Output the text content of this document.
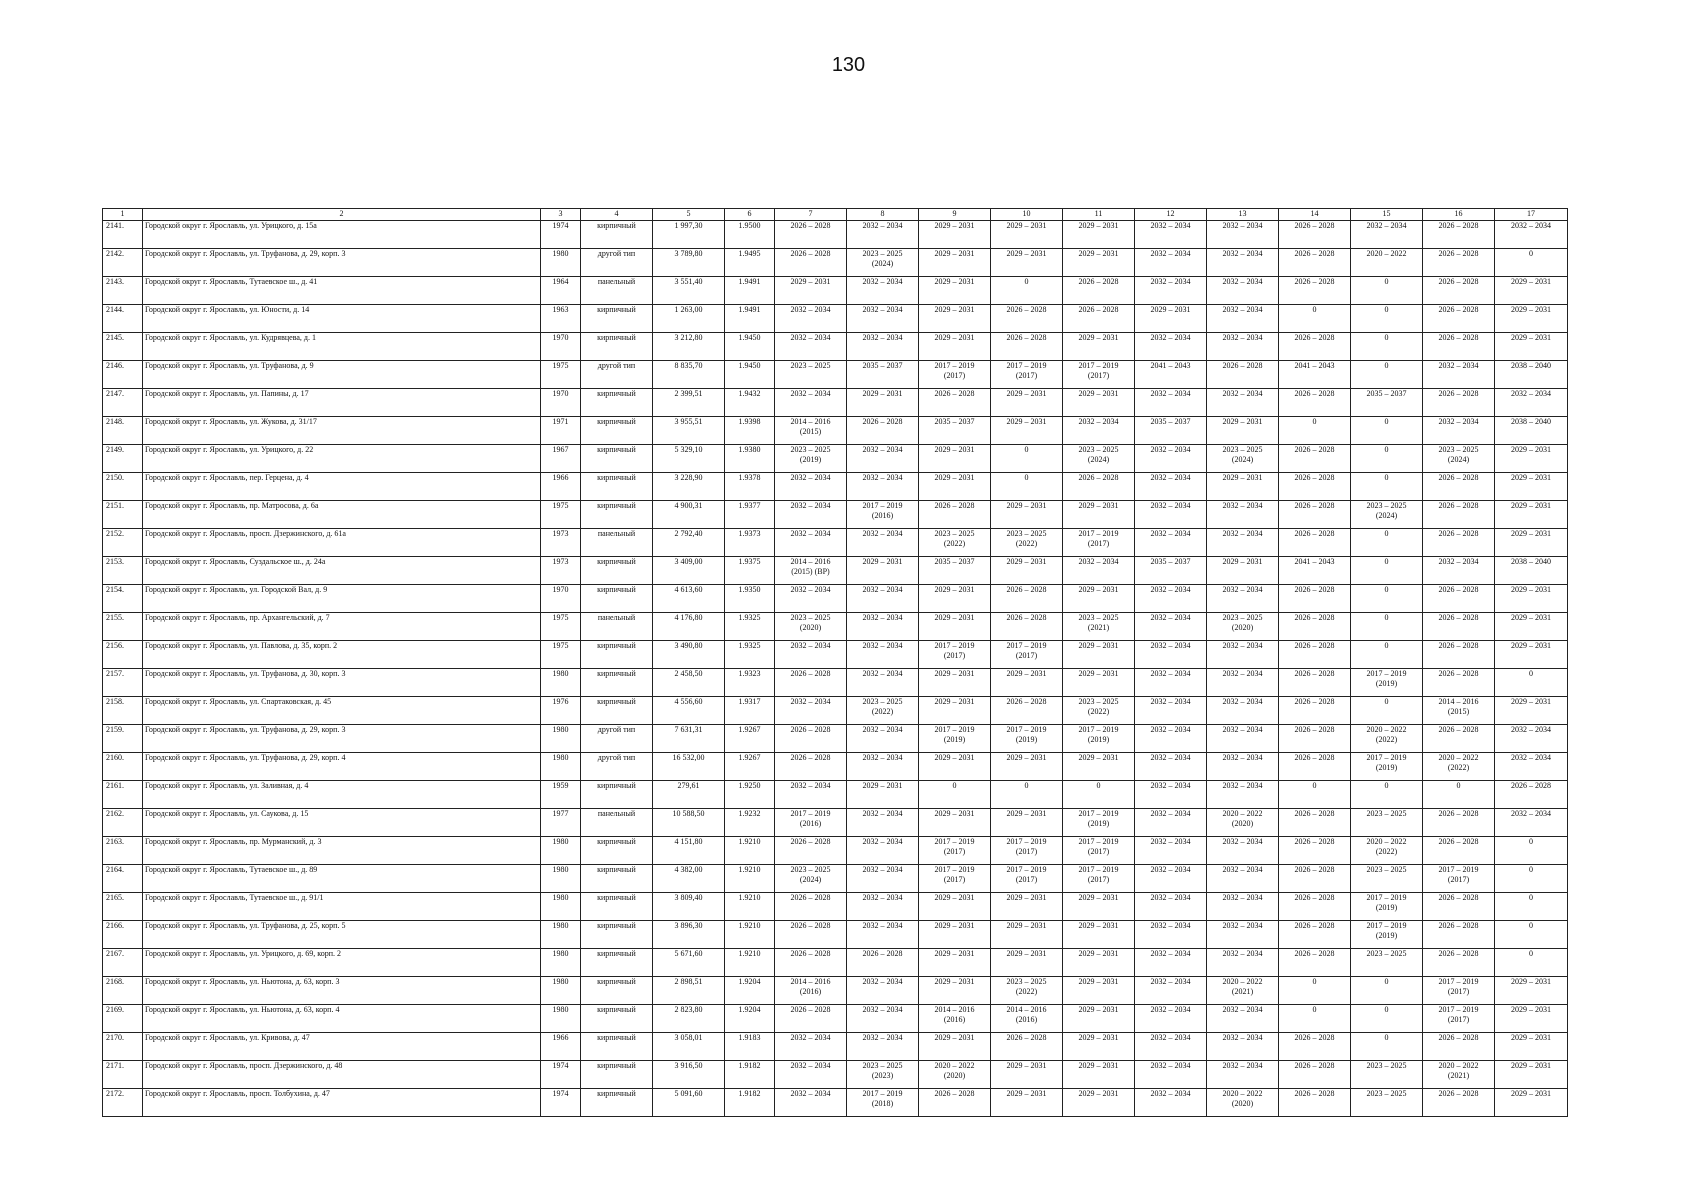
130
1	2	3	4	5	6	7	8	9	10	11	12	13	14	15	16	17
2141.	Городской округ г. Ярославль, ул. Урицкого, д. 15а	1974	кирпичный	1 997,30	1.9500	2026 – 2028	2032 – 2034	2029 – 2031	2029 – 2031	2029 – 2031	2032 – 2034	2032 – 2034	2026 – 2028	2032 – 2034	2026 – 2028	2032 – 2034
2142.	Городской округ г. Ярославль, ул. Труфанова, д. 29, корп. 3	1980	другой тип	3 789,80	1.9495	2026 – 2028	2023 – 2025
(2024)	2029 – 2031	2029 – 2031	2029 – 2031	2032 – 2034	2032 – 2034	2026 – 2028	2020 – 2022	2026 – 2028	0
2143.	Городской округ г. Ярославль, Тутаевское ш., д. 41	1964	панельный	3 551,40	1.9491	2029 – 2031	2032 – 2034	2029 – 2031	0	2026 – 2028	2032 – 2034	2032 – 2034	2026 – 2028	0	2026 – 2028	2029 – 2031
2144.	Городской округ г. Ярославль, ул. Юности, д. 14	1963	кирпичный	1 263,00	1.9491	2032 – 2034	2032 – 2034	2029 – 2031	2026 – 2028	2026 – 2028	2029 – 2031	2032 – 2034	0	0	2026 – 2028	2029 – 2031
2145.	Городской округ г. Ярославль, ул. Кудрявцева, д. 1	1970	кирпичный	3 212,80	1.9450	2032 – 2034	2032 – 2034	2029 – 2031	2026 – 2028	2029 – 2031	2032 – 2034	2032 – 2034	2026 – 2028	0	2026 – 2028	2029 – 2031
2146.	Городской округ г. Ярославль, ул. Труфанова, д. 9	1975	другой тип	8 835,70	1.9450	2023 – 2025	2035 – 2037	2017 – 2019
(2017)	2017 – 2019
(2017)	2017 – 2019
(2017)	2041 – 2043	2026 – 2028	2041 – 2043	0	2032 – 2034	2038 – 2040
2147.	Городской округ г. Ярославль, ул. Папины, д. 17	1970	кирпичный	2 399,51	1.9432	2032 – 2034	2029 – 2031	2026 – 2028	2029 – 2031	2029 – 2031	2032 – 2034	2032 – 2034	2026 – 2028	2035 – 2037	2026 – 2028	2032 – 2034
2148.	Городской округ г. Ярославль, ул. Жукова, д. 31/17	1971	кирпичный	3 955,51	1.9398	2014 – 2016
(2015)	2026 – 2028	2035 – 2037	2029 – 2031	2032 – 2034	2035 – 2037	2029 – 2031	0	0	2032 – 2034	2038 – 2040
2149.	Городской округ г. Ярославль, ул. Урицкого, д. 22	1967	кирпичный	5 329,10	1.9380	2023 – 2025
(2019)	2032 – 2034	2029 – 2031	0	2023 – 2025
(2024)	2032 – 2034	2023 – 2025
(2024)	2026 – 2028	0	2023 – 2025
(2024)	2029 – 2031
2150.	Городской округ г. Ярославль, пер. Герцена, д. 4	1966	кирпичный	3 228,90	1.9378	2032 – 2034	2032 – 2034	2029 – 2031	0	2026 – 2028	2032 – 2034	2029 – 2031	2026 – 2028	0	2026 – 2028	2029 – 2031
2151.	Городской округ г. Ярославль, пр. Матросова, д. 6а	1975	кирпичный	4 900,31	1.9377	2032 – 2034	2017 – 2019
(2016)	2026 – 2028	2029 – 2031	2029 – 2031	2032 – 2034	2032 – 2034	2026 – 2028	2023 – 2025
(2024)	2026 – 2028	2029 – 2031
2152.	Городской округ г. Ярославль, просп. Дзержинского, д. 61а	1973	панельный	2 792,40	1.9373	2032 – 2034	2032 – 2034	2023 – 2025
(2022)	2023 – 2025
(2022)	2017 – 2019
(2017)	2032 – 2034	2032 – 2034	2026 – 2028	0	2026 – 2028	2029 – 2031
2153.	Городской округ г. Ярославль, Суздальское ш., д. 24а	1973	кирпичный	3 409,00	1.9375	2014 – 2016
(2015) (ВР)	2029 – 2031	2035 – 2037	2029 – 2031	2032 – 2034	2035 – 2037	2029 – 2031	2041 – 2043	0	2032 – 2034	2038 – 2040
2154.	Городской округ г. Ярославль, ул. Городской Вал, д. 9	1970	кирпичный	4 613,60	1.9350	2032 – 2034	2032 – 2034	2029 – 2031	2026 – 2028	2029 – 2031	2032 – 2034	2032 – 2034	2026 – 2028	0	2026 – 2028	2029 – 2031
2155.	Городской округ г. Ярославль, пр. Архангельский, д. 7	1975	панельный	4 176,80	1.9325	2023 – 2025
(2020)	2032 – 2034	2029 – 2031	2026 – 2028	2023 – 2025
(2021)	2032 – 2034	2023 – 2025
(2020)	2026 – 2028	0	2026 – 2028	2029 – 2031
2156.	Городской округ г. Ярославль, ул. Павлова, д. 35, корп. 2	1975	кирпичный	3 490,80	1.9325	2032 – 2034	2032 – 2034	2017 – 2019
(2017)	2017 – 2019
(2017)	2029 – 2031	2032 – 2034	2032 – 2034	2026 – 2028	0	2026 – 2028	2029 – 2031
2157.	Городской округ г. Ярославль, ул. Труфанова, д. 30, корп. 3	1980	кирпичный	2 458,50	1.9323	2026 – 2028	2032 – 2034	2029 – 2031	2029 – 2031	2029 – 2031	2032 – 2034	2032 – 2034	2026 – 2028	2017 – 2019
(2019)	2026 – 2028	0
2158.	Городской округ г. Ярославль, ул. Спартаковская, д. 45	1976	кирпичный	4 556,60	1.9317	2032 – 2034	2023 – 2025
(2022)	2029 – 2031	2026 – 2028	2023 – 2025
(2022)	2032 – 2034	2032 – 2034	2026 – 2028	0	2014 – 2016
(2015)	2029 – 2031
2159.	Городской округ г. Ярославль, ул. Труфанова, д. 29, корп. 3	1980	другой тип	7 631,31	1.9267	2026 – 2028	2032 – 2034	2017 – 2019
(2019)	2017 – 2019
(2019)	2017 – 2019
(2019)	2032 – 2034	2032 – 2034	2026 – 2028	2020 – 2022
(2022)	2026 – 2028	2032 – 2034
2160.	Городской округ г. Ярославль, ул. Труфанова, д. 29, корп. 4	1980	другой тип	16 532,00	1.9267	2026 – 2028	2032 – 2034	2029 – 2031	2029 – 2031	2029 – 2031	2032 – 2034	2032 – 2034	2026 – 2028	2017 – 2019
(2019)	2020 – 2022
(2022)	2032 – 2034
2161.	Городской округ г. Ярославль, ул. Заливная, д. 4	1959	кирпичный	279,61	1.9250	2032 – 2034	2029 – 2031	0	0	0	2032 – 2034	2032 – 2034	0	0	0	2026 – 2028
2162.	Городской округ г. Ярославль, ул. Саукова, д. 15	1977	панельный	10 588,50	1.9232	2017 – 2019
(2016)	2032 – 2034	2029 – 2031	2029 – 2031	2017 – 2019
(2019)	2032 – 2034	2020 – 2022
(2020)	2026 – 2028	2023 – 2025	2026 – 2028	2032 – 2034
2163.	Городской округ г. Ярославль, пр. Мурманский, д. 3	1980	кирпичный	4 151,80	1.9210	2026 – 2028	2032 – 2034	2017 – 2019
(2017)	2017 – 2019
(2017)	2017 – 2019
(2017)	2032 – 2034	2032 – 2034	2026 – 2028	2020 – 2022
(2022)	2026 – 2028	0
2164.	Городской округ г. Ярославль, Тутаевское ш., д. 89	1980	кирпичный	4 382,00	1.9210	2023 – 2025
(2024)	2032 – 2034	2017 – 2019
(2017)	2017 – 2019
(2017)	2017 – 2019
(2017)	2032 – 2034	2032 – 2034	2026 – 2028	2023 – 2025	2017 – 2019
(2017)	0
2165.	Городской округ г. Ярославль, Тутаевское ш., д. 91/1	1980	кирпичный	3 809,40	1.9210	2026 – 2028	2032 – 2034	2029 – 2031	2029 – 2031	2029 – 2031	2032 – 2034	2032 – 2034	2026 – 2028	2017 – 2019
(2019)	2026 – 2028	0
2166.	Городской округ г. Ярославль, ул. Труфанова, д. 25, корп. 5	1980	кирпичный	3 896,30	1.9210	2026 – 2028	2032 – 2034	2029 – 2031	2029 – 2031	2029 – 2031	2032 – 2034	2032 – 2034	2026 – 2028	2017 – 2019
(2019)	2026 – 2028	0
2167.	Городской округ г. Ярославль, ул. Урицкого, д. 69, корп. 2	1980	кирпичный	5 671,60	1.9210	2026 – 2028	2026 – 2028	2029 – 2031	2029 – 2031	2029 – 2031	2032 – 2034	2032 – 2034	2026 – 2028	2023 – 2025	2026 – 2028	0
2168.	Городской округ г. Ярославль, ул. Ньютона, д. 63, корп. 3	1980	кирпичный	2 898,51	1.9204	2014 – 2016
(2016)	2032 – 2034	2029 – 2031	2023 – 2025
(2022)	2029 – 2031	2032 – 2034	2020 – 2022
(2021)	0	0	2017 – 2019
(2017)	2029 – 2031
2169.	Городской округ г. Ярославль, ул. Ньютона, д. 63, корп. 4	1980	кирпичный	2 823,80	1.9204	2026 – 2028	2032 – 2034	2014 – 2016
(2016)	2014 – 2016
(2016)	2029 – 2031	2032 – 2034	2032 – 2034	0	0	2017 – 2019
(2017)	2029 – 2031
2170.	Городской округ г. Ярославль, ул. Кривова, д. 47	1966	кирпичный	3 058,01	1.9183	2032 – 2034	2032 – 2034	2029 – 2031	2026 – 2028	2029 – 2031	2032 – 2034	2032 – 2034	2026 – 2028	0	2026 – 2028	2029 – 2031
2171.	Городской округ г. Ярославль, просп. Дзержинского, д. 48	1974	кирпичный	3 916,50	1.9182	2032 – 2034	2023 – 2025
(2023)	2020 – 2022
(2020)	2029 – 2031	2029 – 2031	2032 – 2034	2032 – 2034	2026 – 2028	2023 – 2025	2020 – 2022
(2021)	2029 – 2031
2172.	Городской округ г. Ярославль, просп. Толбухина, д. 47	1974	кирпичный	5 091,60	1.9182	2032 – 2034	2017 – 2019
(2018)	2026 – 2028	2029 – 2031	2029 – 2031	2032 – 2034	2020 – 2022
(2020)	2026 – 2028	2023 – 2025	2026 – 2028	2029 – 2031
